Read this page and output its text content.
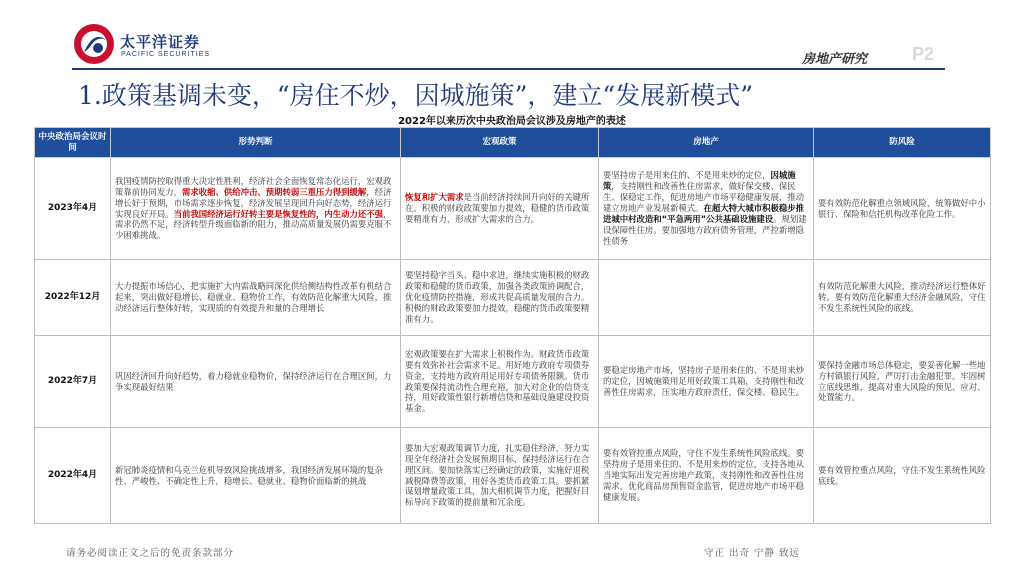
太平洋证券
PACIFIC SECURITIES	房地产研究 P2
1.政策基调未变，“房住不炒，因城施策”，建立“发展新模式”
2022年以来历次中央政治局会议涉及房地产的表述
中央政治局会议时间	形势判断	宏观政策	房地产	防风险
2023年4月	我国疫情防控取得重大决定性胜利，经济社会全面恢复常态化运行，宏观政策靠前协同发力，需求收缩、供给冲击、预期转弱三重压力得到缓解，经济增长好于预期，市场需求逐步恢复，经济发展呈现回升向好态势，经济运行实现良好开局。当前我国经济运行好转主要是恢复性的，内生动力还不强，需求仍然不足，经济转型升级面临新的阻力，推动高质量发展仍需要克服不少困难挑战。	恢复和扩大需求是当前经济持续回升向好的关键所在。积极的财政政策要加力提效，稳健的货币政策要精准有力，形成扩大需求的合力。	要坚持房子是用来住的、不是用来炒的定位，因城施策，支持刚性和改善性住房需求，做好保交楼、保民生、保稳定工作，促进房地产市场平稳健康发展，推动建立房地产业发展新模式。在超大特大城市积极稳步推进城中村改造和“平急两用”公共基础设施建设。规划建设保障性住房。要加强地方政府债务管理，严控新增隐性债务	要有效防范化解重点领域风险，统筹做好中小银行、保险和信托机构改革化险工作。
2022年12月	大力提振市场信心，把实施扩大内需战略同深化供给侧结构性改革有机结合起来，突出做好稳增长、稳就业、稳物价工作，有效防范化解重大风险，推动经济运行整体好转，实现质的有效提升和量的合理增长	要坚持稳字当头、稳中求进，继续实施积极的财政政策和稳健的货币政策，加强各类政策协调配合，优化疫情防控措施，形成共促高质量发展的合力。积极的财政政策要加力提效，稳健的货币政策要精准有力。		有效防范化解重大风险，推动经济运行整体好转。要有效防范化解重大经济金融风险，守住不发生系统性风险的底线。
2022年7月	巩固经济回升向好趋势，着力稳就业稳物价，保持经济运行在合理区间，力争实现最好结果	宏观政策要在扩大需求上积极作为。财政货币政策要有效弥补社会需求不足。用好地方政府专项债券资金，支持地方政府用足用好专项债务限额。货币政策要保持流动性合理充裕，加大对企业的信贷支持，用好政策性银行新增信贷和基础设施建设投资基金。	要稳定房地产市场，坚持房子是用来住的、不是用来炒的定位，因城施策用足用好政策工具箱，支持刚性和改善性住房需求，压实地方政府责任，保交楼、稳民生。	要保持金融市场总体稳定，要妥善化解一些地方村镇银行风险，严厉打击金融犯罪。牢固树立底线思维，提高对重大风险的预见、应对、处置能力。
2022年4月	新冠肺炎疫情和乌克兰危机导致风险挑战增多，我国经济发展环境的复杂性、严峻性、不确定性上升，稳增长、稳就业、稳物价面临新的挑战	要加大宏观政策调节力度，扎实稳住经济，努力实现全年经济社会发展预期目标，保持经济运行在合理区间。要加快落实已经确定的政策，实施好退税减税降费等政策，用好各类货币政策工具。要抓紧谋划增量政策工具，加大相机调节力度，把握好目标导向下政策的提前量和冗余度。	要有效管控重点风险，守住不发生系统性风险底线。要坚持房子是用来住的、不是用来炒的定位，支持各地从当地实际出发完善房地产政策，支持刚性和改善性住房需求，优化商品房预售资金监管，促进房地产市场平稳健康发展。	要有效管控重点风险，守住不发生系统性风险底线。
请务必阅读正文之后的免责条款部分	守正 出奇 宁静 致远
